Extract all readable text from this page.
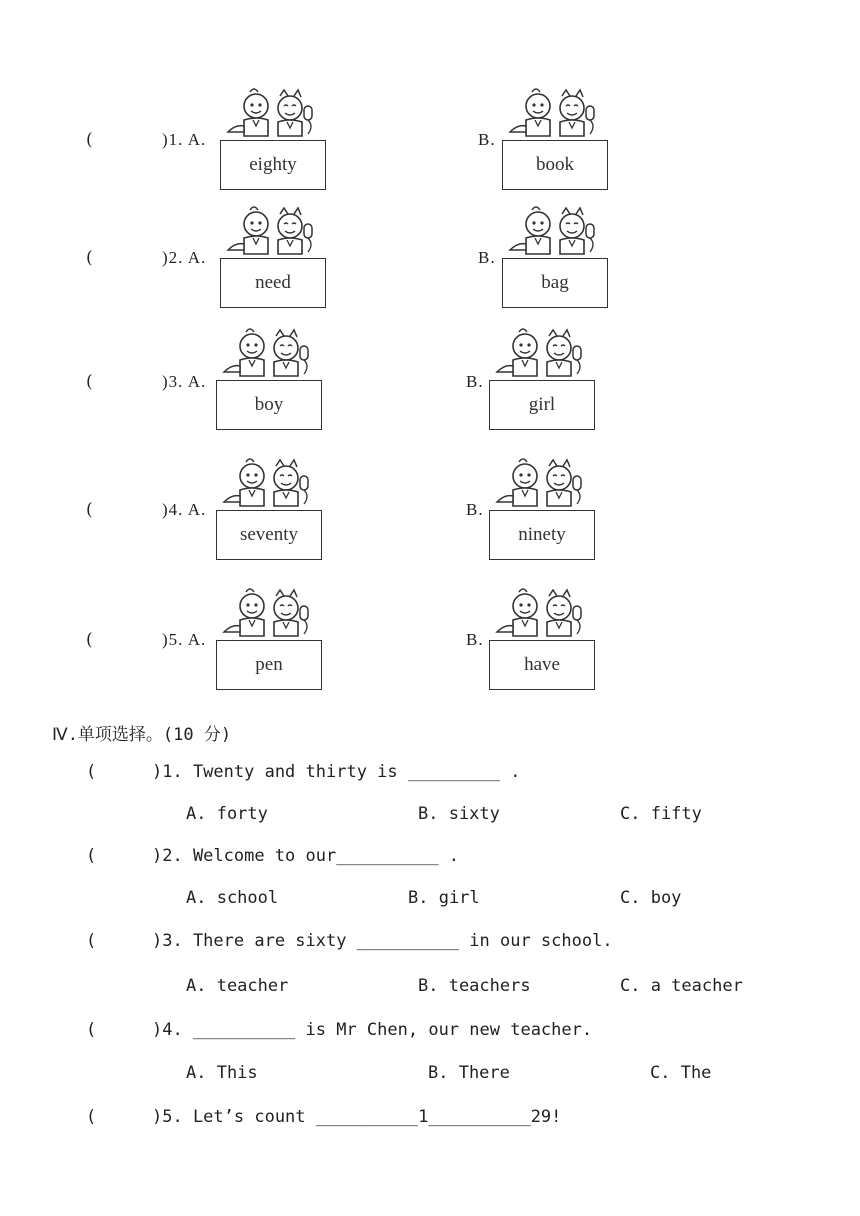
(	)1. A.
eighty
B.
book
(	)2. A.
need
B.
bag
(	)3. A.
boy
B.
girl
(	)4. A.
seventy
B.
ninety
(	)5. A.
pen
B.
have
Ⅳ.单项选择。(10 分)
(	)1. Twenty and thirty is _________ .
A. forty	B. sixty	C. fifty
(	)2. Welcome to our__________ .
A. school	B. girl	C. boy
(	)3. There are sixty __________ in our school.
A. teacher	B. teachers	C. a teacher
(	)4. __________ is Mr Chen, our new teacher.
A. This	B. There	C. The
(	)5. Let’s count __________1__________29!
